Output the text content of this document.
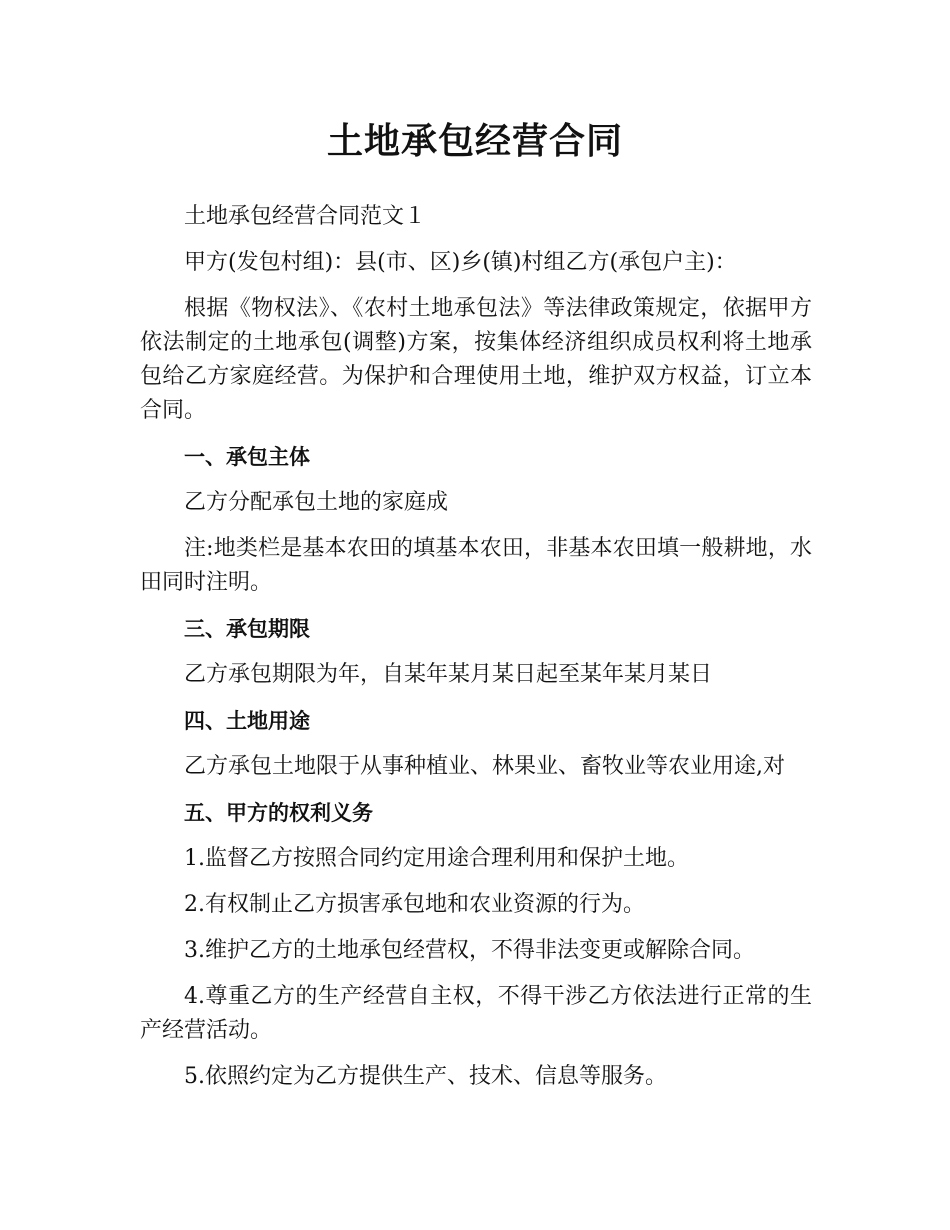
土地承包经营合同

土地承包经营合同范文１

甲方(发包村组)：县(市、区)乡(镇)村组乙方(承包户主)：

根据《物权法》、《农村土地承包法》等法律政策规定，依据甲方依法制定的土地承包(调整)方案，按集体经济组织成员权利将土地承包给乙方家庭经营。为保护和合理使用土地，维护双方权益，订立本合同。

一、承包主体

乙方分配承包土地的家庭成

注:地类栏是基本农田的填基本农田，非基本农田填一般耕地，水田同时注明。

三、承包期限

乙方承包期限为年，自某年某月某日起至某年某月某日

四、土地用途

乙方承包土地限于从事种植业、林果业、畜牧业等农业用途,对

五、甲方的权利义务

1.监督乙方按照合同约定用途合理利用和保护土地。

2.有权制止乙方损害承包地和农业资源的行为。

3.维护乙方的土地承包经营权，不得非法变更或解除合同。

4.尊重乙方的生产经营自主权，不得干涉乙方依法进行正常的生产经营活动。

5.依照约定为乙方提供生产、技术、信息等服务。
